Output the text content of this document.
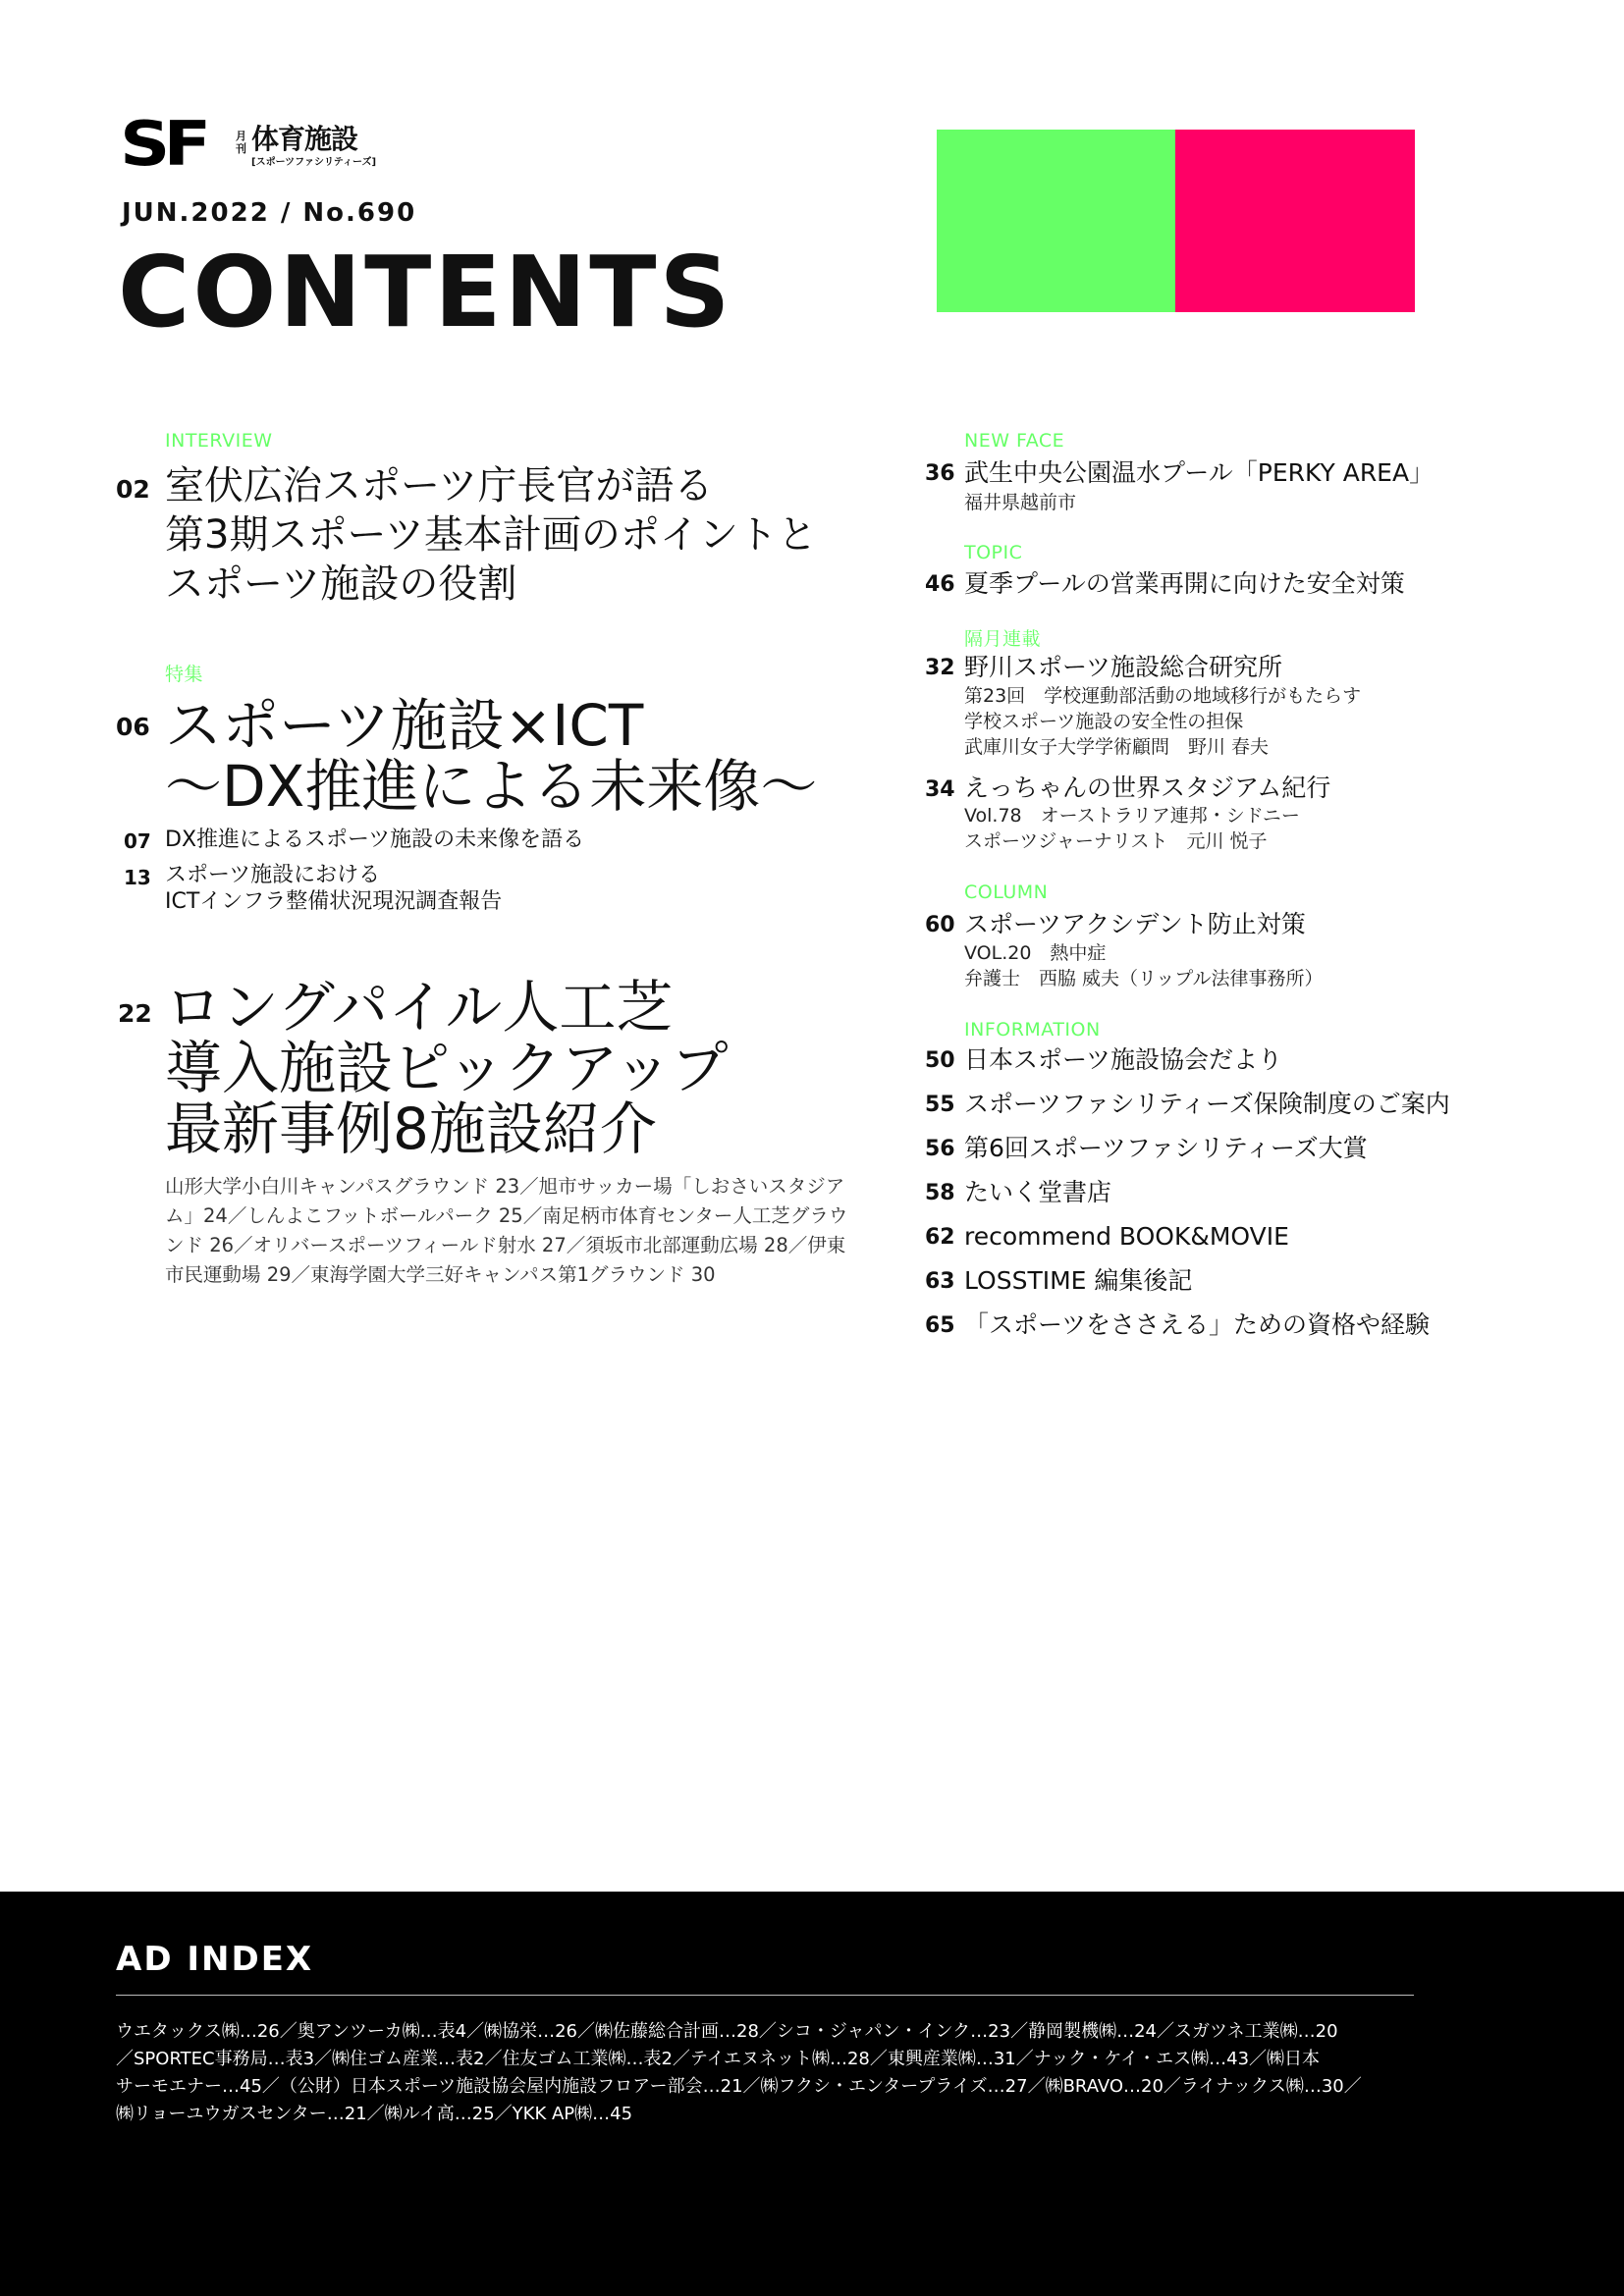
SF	月刊 体育施設
[スポーツファシリティーズ]
JUN.2022 / No.690
CONTENTS
INTERVIEW
02 室伏広治スポーツ庁長官が語る
第3期スポーツ基本計画のポイントと
スポーツ施設の役割
特集
06 スポーツ施設×ICT
～DX推進による未来像～
07 DX推進によるスポーツ施設の未来像を語る
13 スポーツ施設における
ICTインフラ整備状況現況調査報告
22 ロングパイル人工芝
導入施設ピックアップ
最新事例8施設紹介
山形大学小白川キャンパスグラウンド 23／旭市サッカー場「しおさいスタジア
ム」24／しんよこフットボールパーク 25／南足柄市体育センター人工芝グラウ
ンド 26／オリバースポーツフィールド射水 27／須坂市北部運動広場 28／伊東
市民運動場 29／東海学園大学三好キャンパス第1グラウンド 30
NEW FACE
36 武生中央公園温水プール「PERKY AREA」
福井県越前市
TOPIC
46 夏季プールの営業再開に向けた安全対策
隔月連載
32 野川スポーツ施設総合研究所
第23回　学校運動部活動の地域移行がもたらす
学校スポーツ施設の安全性の担保
武庫川女子大学学術顧問　野川 春夫
34 えっちゃんの世界スタジアム紀行
Vol.78　オーストラリア連邦・シドニー
スポーツジャーナリスト　元川 悦子
COLUMN
60 スポーツアクシデント防止対策
VOL.20　熱中症
弁護士　西脇 威夫（リップル法律事務所）
INFORMATION
50 日本スポーツ施設協会だより
55 スポーツファシリティーズ保険制度のご案内
56 第6回スポーツファシリティーズ大賞
58 たいく堂書店
62 recommend BOOK&MOVIE
63 LOSSTIME 編集後記
65 「スポーツをささえる」ための資格や経験
AD INDEX
ウエタックス㈱…26／奥アンツーカ㈱…表4／㈱協栄…26／㈱佐藤総合計画…28／シコ・ジャパン・インク…23／静岡製機㈱…24／スガツネ工業㈱…20
／SPORTEC事務局…表3／㈱住ゴム産業…表2／住友ゴム工業㈱…表2／テイエヌネット㈱…28／東興産業㈱…31／ナック・ケイ・エス㈱…43／㈱日本
サーモエナー…45／（公財）日本スポーツ施設協会屋内施設フロアー部会…21／㈱フクシ・エンタープライズ…27／㈱BRAVO…20／ライナックス㈱…30／
㈱リョーユウガスセンター…21／㈱ルイ高…25／YKK AP㈱…45
